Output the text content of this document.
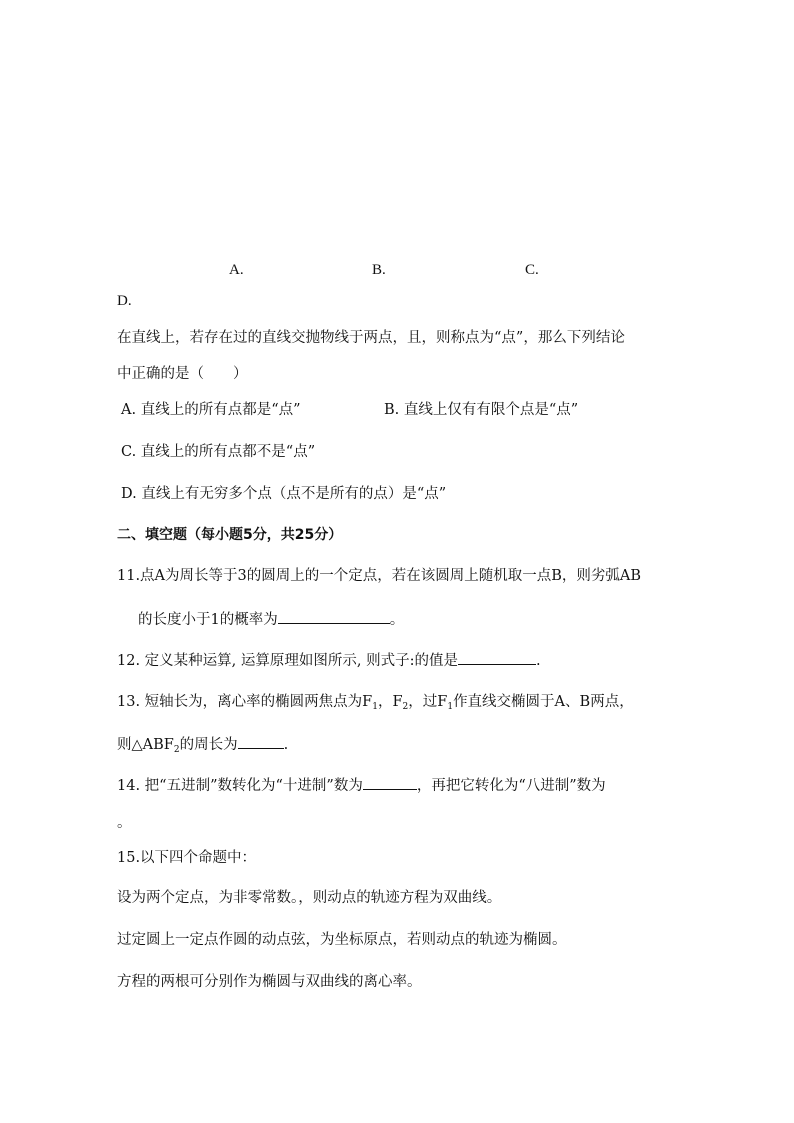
A.	B.	C.
D.
在直线上，若存在过的直线交抛物线于两点，且，则称点为“点”，那么下列结论
中正确的是（　　）
A. 直线上的所有点都是“点”	B. 直线上仅有有限个点是“点”
C. 直线上的所有点都不是“点”
D. 直线上有无穷多个点（点不是所有的点）是“点”
二、填空题（每小题5分，共25分）
11.点A为周长等于3的圆周上的一个定点，若在该圆周上随机取一点B，则劣弧AB
的长度小于1的概率为	。
12. 定义某种运算, 运算原理如图所示, 则式子:的值是	.
13. 短轴长为，离心率的椭圆两焦点为$F_1$，$F_2$，过$F_1$作直线交椭圆于A、B两点，
则$\triangle ABF_2$的周长为	.
14. 把“五进制”数转化为“十进制”数为	，再把它转化为“八进制”数为
。
15.以下四个命题中：
设为两个定点，为非零常数。，则动点的轨迹方程为双曲线。
过定圆上一定点作圆的动点弦，为坐标原点，若则动点的轨迹为椭圆。
方程的两根可分别作为椭圆与双曲线的离心率。
